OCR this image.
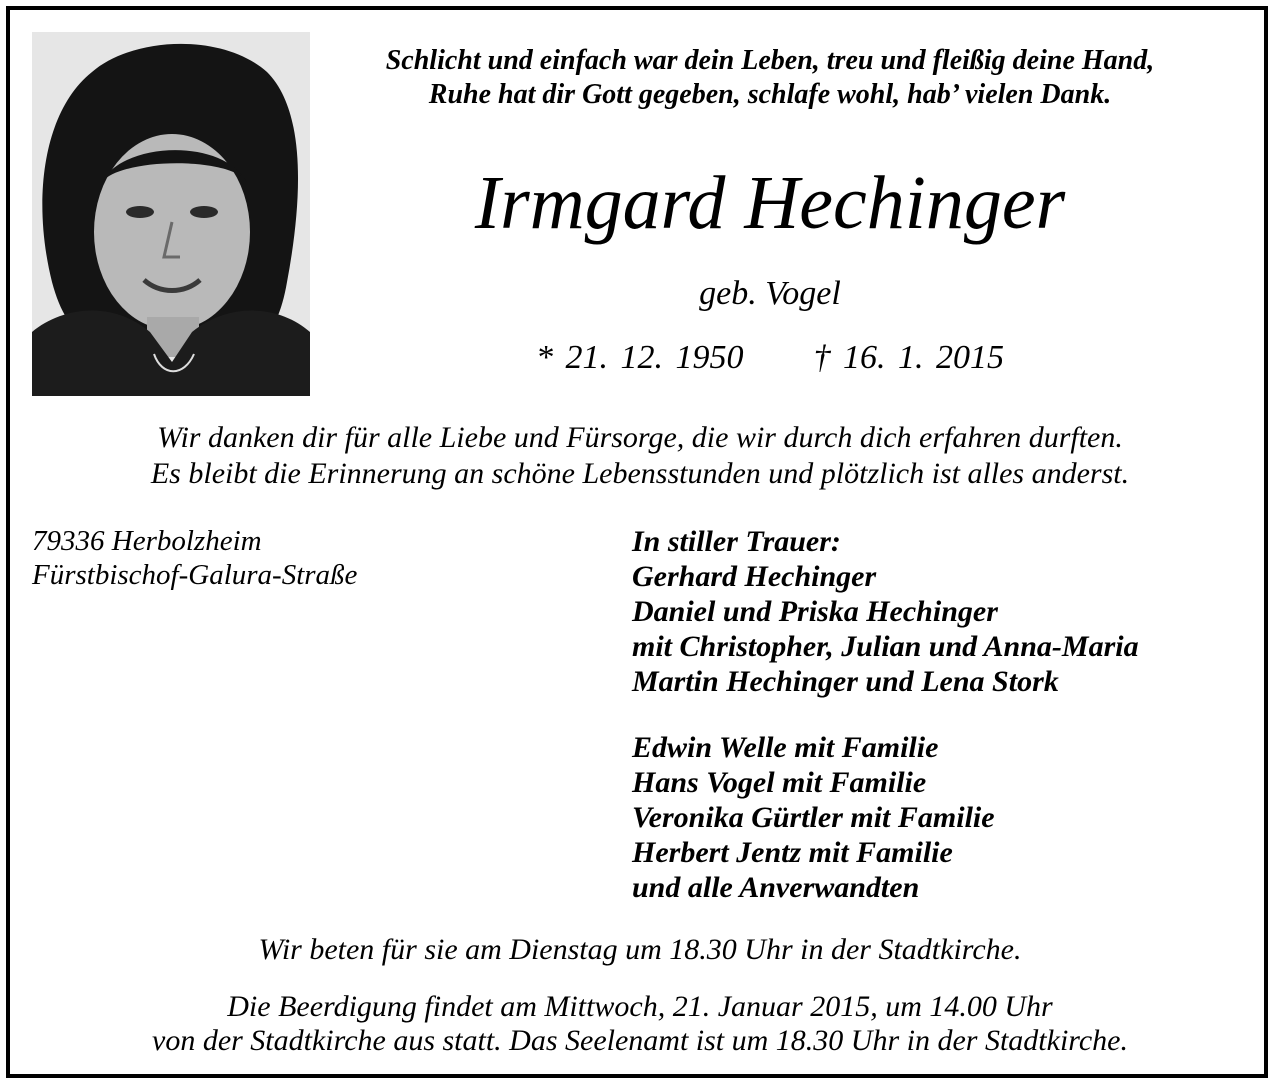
Schlicht und einfach war dein Leben, treu und fleißig deine Hand,
Ruhe hat dir Gott gegeben, schlafe wohl, hab’ vielen Dank.
Irmgard Hechinger
geb. Vogel
* 21. 12. 1950 † 16. 1. 2015
Wir danken dir für alle Liebe und Fürsorge, die wir durch dich erfahren durften.
Es bleibt die Erinnerung an schöne Lebensstunden und plötzlich ist alles anderst.
79336 Herbolzheim
Fürstbischof-Galura-Straße
In stiller Trauer:
Gerhard Hechinger
Daniel und Priska Hechinger
mit Christopher, Julian und Anna-Maria
Martin Hechinger und Lena Stork
Edwin Welle mit Familie
Hans Vogel mit Familie
Veronika Gürtler mit Familie
Herbert Jentz mit Familie
und alle Anverwandten
Wir beten für sie am Dienstag um 18.30 Uhr in der Stadtkirche.
Die Beerdigung findet am Mittwoch, 21. Januar 2015, um 14.00 Uhr
von der Stadtkirche aus statt. Das Seelenamt ist um 18.30 Uhr in der Stadtkirche.
